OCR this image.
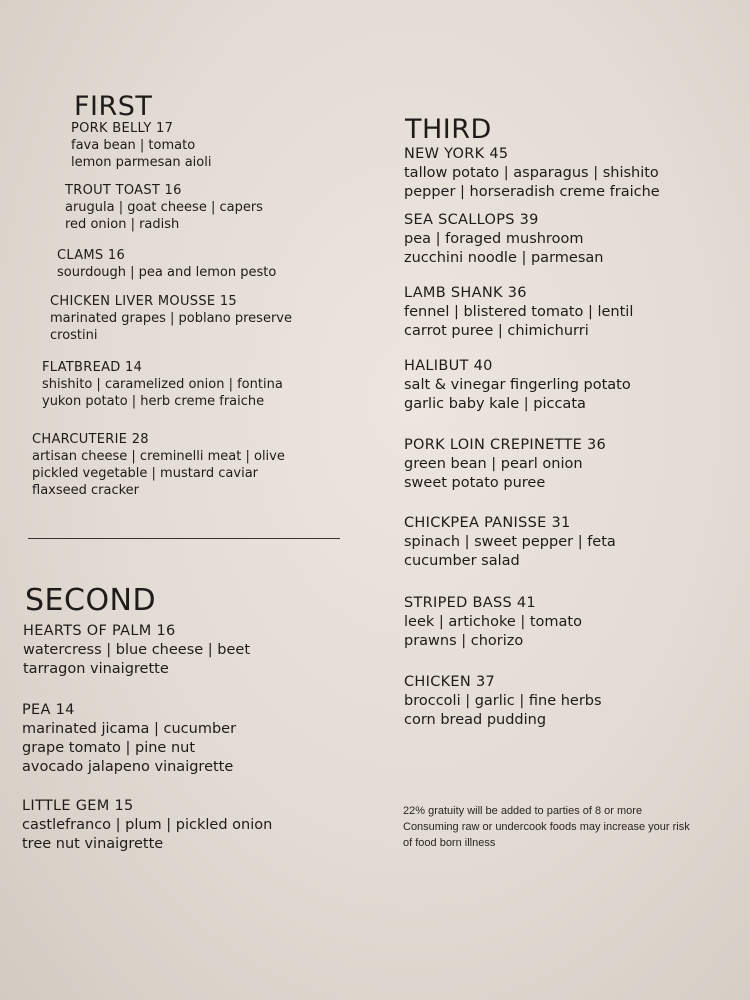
FIRST
PORK BELLY 17
fava bean | tomato
lemon parmesan aioli
TROUT TOAST 16
arugula | goat cheese | capers
red onion | radish
CLAMS 16
sourdough | pea and lemon pesto
CHICKEN LIVER MOUSSE 15
marinated grapes | poblano preserve
crostini
FLATBREAD 14
shishito | caramelized onion | fontina
yukon potato | herb creme fraiche
CHARCUTERIE 28
artisan cheese | creminelli meat | olive
pickled vegetable | mustard caviar
flaxseed cracker
SECOND
HEARTS OF PALM 16
watercress | blue cheese | beet
tarragon vinaigrette
PEA 14
marinated jicama | cucumber
grape tomato | pine nut
avocado jalapeno vinaigrette
LITTLE GEM 15
castlefranco | plum | pickled onion
tree nut vinaigrette
THIRD
NEW YORK 45
tallow potato | asparagus | shishito
pepper | horseradish creme fraiche
SEA SCALLOPS 39
pea | foraged mushroom
zucchini noodle | parmesan
LAMB SHANK 36
fennel | blistered tomato | lentil
carrot puree | chimichurri
HALIBUT 40
salt & vinegar fingerling potato
garlic baby kale | piccata
PORK LOIN CREPINETTE 36
green bean | pearl onion
sweet potato puree
CHICKPEA PANISSE 31
spinach | sweet pepper | feta
cucumber salad
STRIPED BASS 41
leek | artichoke | tomato
prawns | chorizo
CHICKEN 37
broccoli | garlic | fine herbs
corn bread pudding
22% gratuity will be added to parties of 8 or more
Consuming raw or undercook foods may increase your risk
of food born illness
